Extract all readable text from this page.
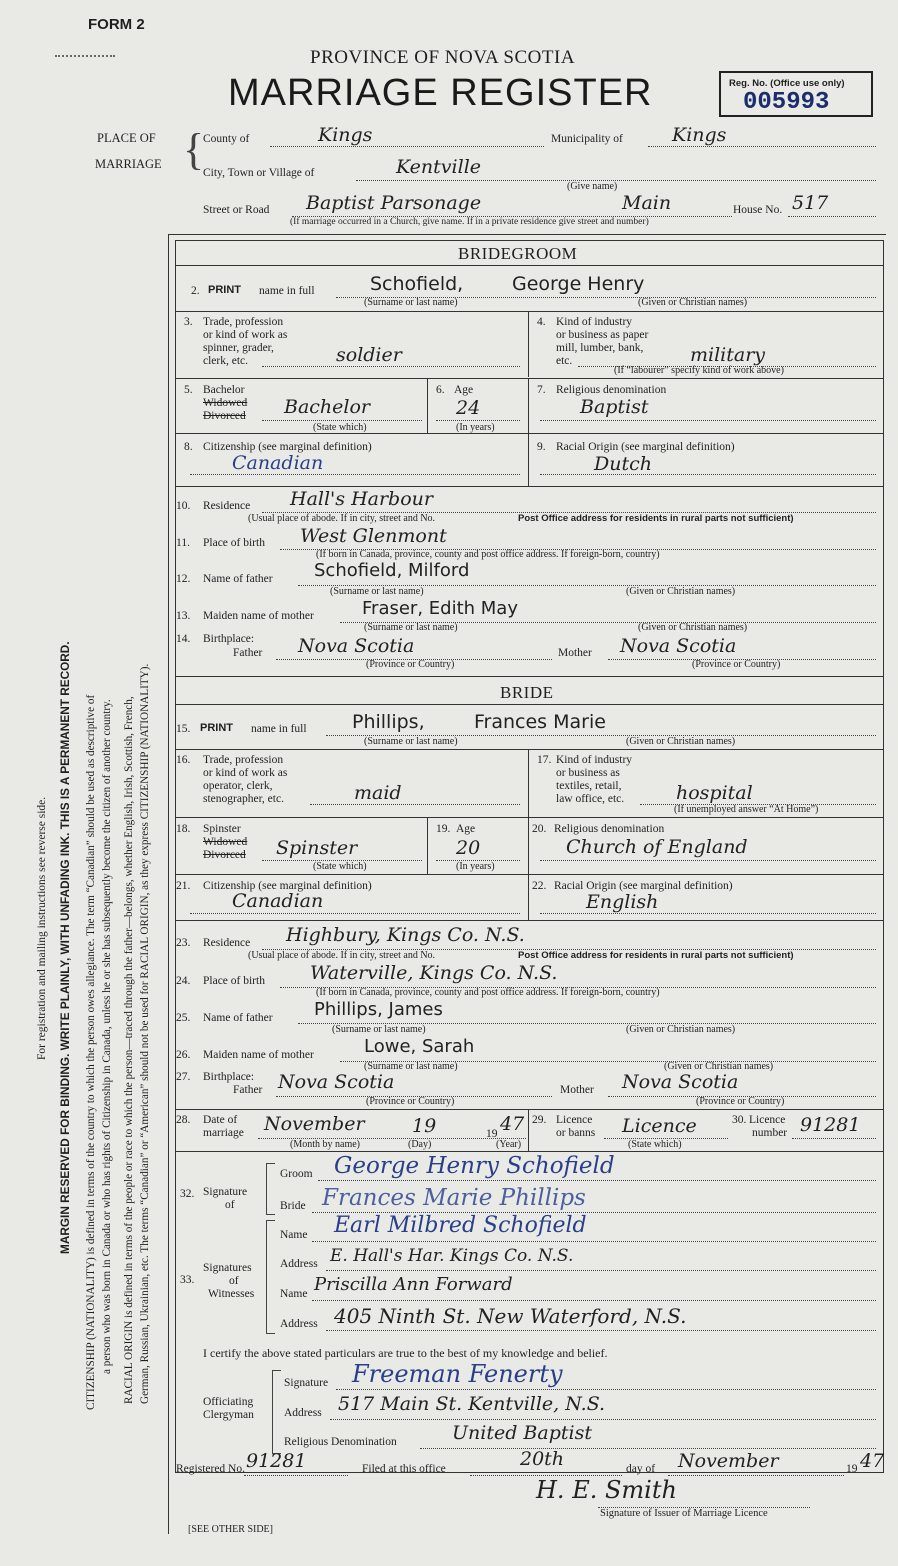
FORM 2
PROVINCE OF NOVA SCOTIA
MARRIAGE REGISTER	Reg. No. (Office use only)
005993
For registration and mailing instructions see reverse side. MARGIN RESERVED FOR BINDING. WRITE PLAINLY, WITH UNFADING INK. THIS IS A PERMANENT RECORD. CITIZENSHIP (NATIONALITY) is defined in terms of the country to which the person owes allegiance. The term “Canadian” should be used as descriptive of a person who was born in Canada or who has rights of Citizenship in Canada, unless he or she has subsequently become the citizen of another country. RACIAL ORIGIN is defined in terms of the people or race to which the person—traced through the father—belongs, whether English, Irish, Scottish, French, German, Russian, Ukrainian, etc. The terms “Canadian” or “American” should not be used for RACIAL ORIGIN, as they express CITIZENSHIP (NATIONALITY).
PLACE OF
MARRIAGE {
County of	Kings	Municipality of	Kings
City, Town or Village of	Kentville
(Give name)
Street or Road Baptist Parsonage	Main	House No. 517
(If marriage occurred in a Church, give name. If in a private residence give street and number)
BRIDEGROOM
2. PRINT name in full	Schofield,	George Henry
(Surname or last name)	(Given or Christian names)
3. Trade, profession
or kind of work as
spinner, grader,
clerk, etc.	soldier
4. Kind of industry
or business as paper
mill, lumber, bank,
etc.	military
(If “labourer” specify kind of work above)
5. Bachelor
Widowed
Divorced Bachelor
(State which)
6. Age
24
(In years)
7. Religious denomination
Baptist
8. Citizenship (see marginal definition)
Canadian
9. Racial Origin (see marginal definition)
Dutch
10. Residence Hall's Harbour
(Usual place of abode. If in city, street and No.	Post Office address for residents in rural parts not sufficient)
11. Place of birth West Glenmont
(If born in Canada, province, county and post office address. If foreign-born, country)
12. Name of father Schofield, Milford
(Surname or last name)	(Given or Christian names)
13. Maiden name of mother	Fraser, Edith May
(Surname or last name)	(Given or Christian names)
14. Birthplace:
Father Nova Scotia	Mother Nova Scotia
(Province or Country)	(Province or Country)
BRIDE
15. PRINT name in full Phillips,	Frances Marie
(Surname or last name)	(Given or Christian names)
16. Trade, profession
or kind of work as
operator, clerk,
stenographer, etc.	maid
17. Kind of industry
or business as
textiles, retail,
law office, etc.	hospital
(If unemployed answer “At Home”)
18. Spinster
Widowed
Divorced Spinster
(State which)
19. Age
20
(In years)
20. Religious denomination
Church of England
21. Citizenship (see marginal definition)
Canadian
22. Racial Origin (see marginal definition)
English
23. Residence Highbury, Kings Co. N.S.
(Usual place of abode. If in city, street and No.	Post Office address for residents in rural parts not sufficient)
24. Place of birth Waterville, Kings Co. N.S.
(If born in Canada, province, county and post office address. If foreign-born, country)
25. Name of father Phillips, James
(Surname or last name)	(Given or Christian names)
26. Maiden name of mother	Lowe, Sarah
(Surname or last name)	(Given or Christian names)
27. Birthplace:
Father Nova Scotia	Mother Nova Scotia
(Province or Country)	(Province or Country)
28. Date of
marriage November 19	19 47
(Month by name)	(Day)	(Year)
29. Licence
or banns Licence
(State which)
30. Licence
number 91281
32. Signature
of
Groom George Henry Schofield
Bride Frances Marie Phillips
33.
Signatures
of
Witnesses
Name Earl Milbred Schofield
Address E. Hall's Har. Kings Co. N.S.
Name Priscilla Ann Forward
Address 405 Ninth St. New Waterford, N.S.
I certify the above stated particulars are true to the best of my knowledge and belief.
Officiating
Clergyman
Signature Freeman Fenerty
Address 517 Main St. Kentville, N.S.
Religious Denomination	United Baptist
Registered No. 91281	Filed at this office	20th	day of November	19 47
H. E. Smith
Signature of Issuer of Marriage Licence
[SEE OTHER SIDE]
